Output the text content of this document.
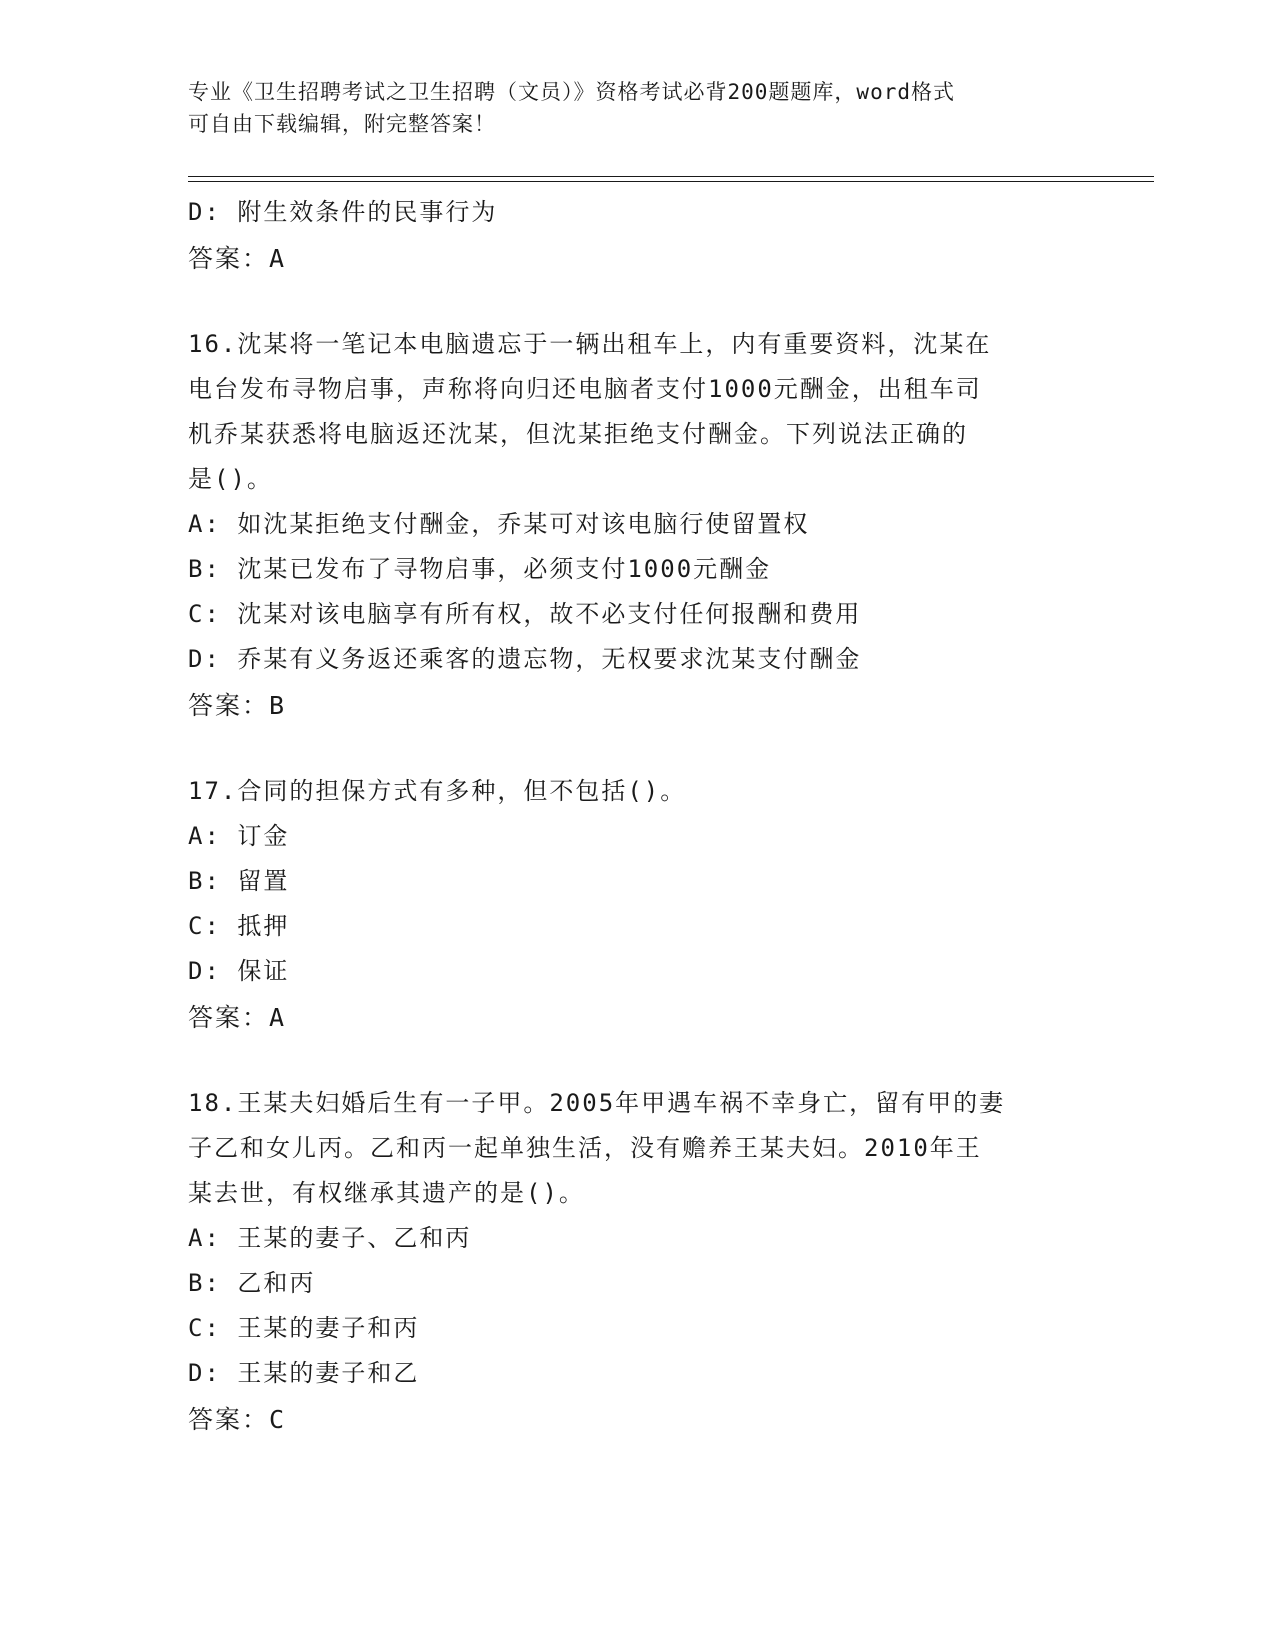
专业《卫生招聘考试之卫生招聘（文员）》资格考试必背200题题库，word格式
可自由下载编辑，附完整答案！
D: 附生效条件的民事行为
答案：A
16.沈某将一笔记本电脑遗忘于一辆出租车上，内有重要资料，沈某在
电台发布寻物启事，声称将向归还电脑者支付1000元酬金，出租车司
机乔某获悉将电脑返还沈某，但沈某拒绝支付酬金。下列说法正确的
是()。
A: 如沈某拒绝支付酬金，乔某可对该电脑行使留置权
B: 沈某已发布了寻物启事，必须支付1000元酬金
C: 沈某对该电脑享有所有权，故不必支付任何报酬和费用
D: 乔某有义务返还乘客的遗忘物，无权要求沈某支付酬金
答案：B
17.合同的担保方式有多种，但不包括()。
A: 订金
B: 留置
C: 抵押
D: 保证
答案：A
18.王某夫妇婚后生有一子甲。2005年甲遇车祸不幸身亡，留有甲的妻
子乙和女儿丙。乙和丙一起单独生活，没有赡养王某夫妇。2010年王
某去世，有权继承其遗产的是()。
A: 王某的妻子、乙和丙
B: 乙和丙
C: 王某的妻子和丙
D: 王某的妻子和乙
答案：C
